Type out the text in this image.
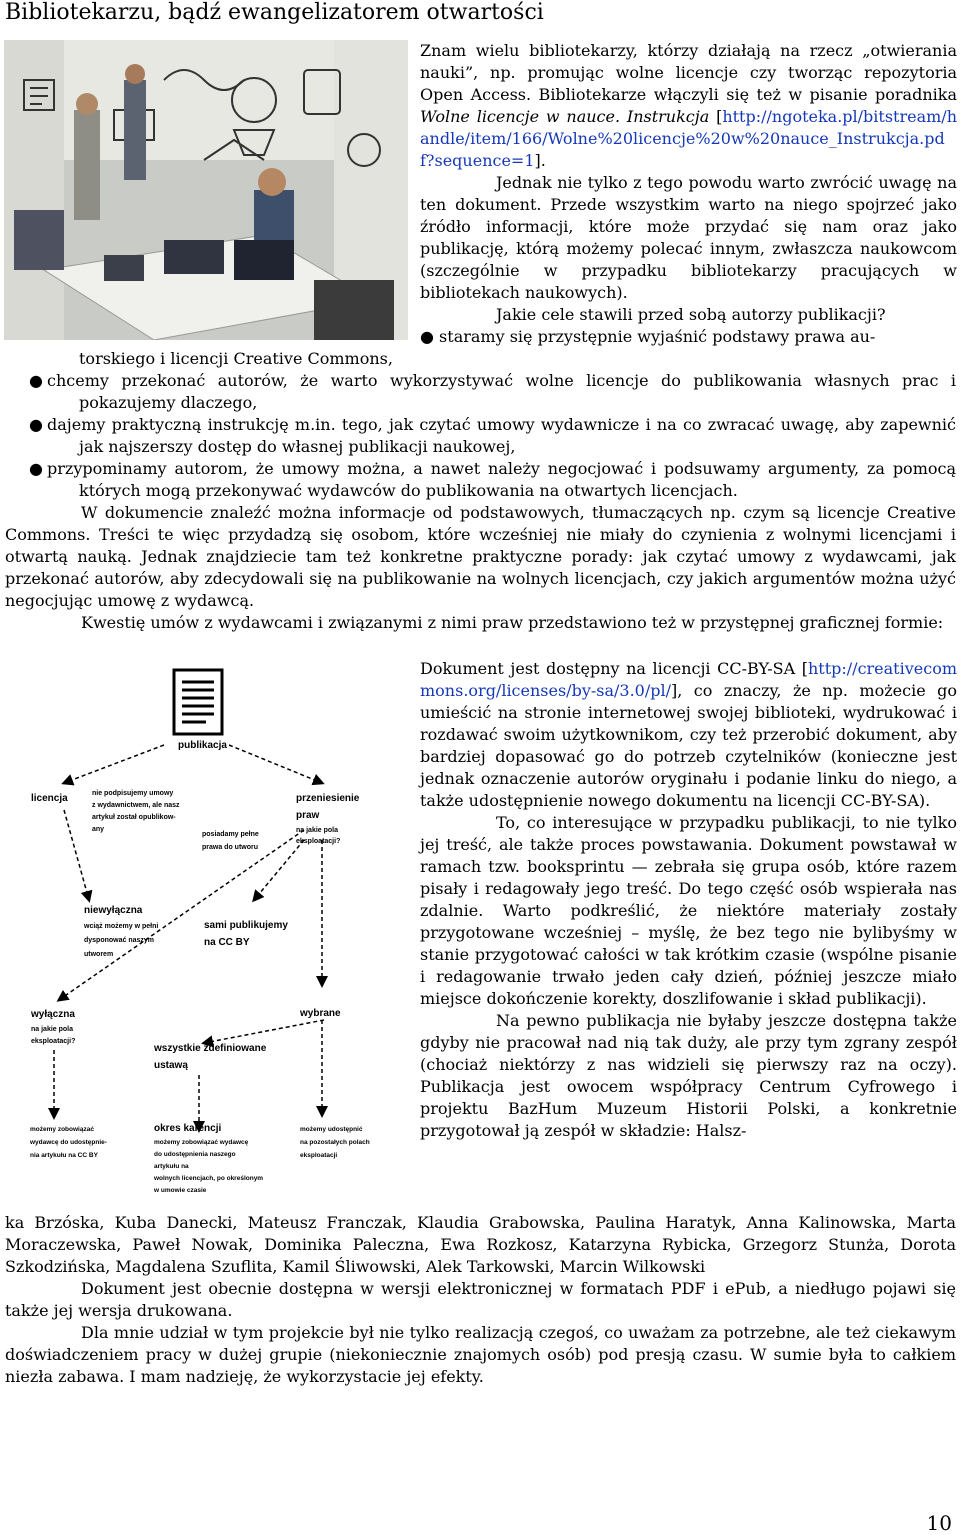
Bibliotekarzu, bądź ewangelizatorem otwartości

Znam wielu bibliotekarzy, którzy działają na rzecz „otwierania nauki”, np. promując wolne licencje czy tworząc repozytoria Open Access. Bibliotekarze włączyli się też w pisanie poradnika Wolne licencje w nauce. Instrukcja [http://ngoteka.pl/bitstream/handle/item/166/Wolne%20licencje%20w%20nauce_Instrukcja.pdf?sequence=1].

Jednak nie tylko z tego powodu warto zwrócić uwagę na ten dokument. Przede wszystkim warto na niego spojrzeć jako źródło informacji, które może przydać się nam oraz jako publikację, którą możemy polecać innym, zwłaszcza naukowcom (szczególnie w przypadku bibliotekarzy pracujących w bibliotekach naukowych).

Jakie cele stawili przed sobą autorzy publikacji?

● staramy się przystępnie wyjaśnić podstawy prawa au-

torskiego i licencji Creative Commons,

● chcemy przekonać autorów, że warto wykorzystywać wolne licencje do publikowania własnych prac i pokazujemy dlaczego,

● dajemy praktyczną instrukcję m.in. tego, jak czytać umowy wydawnicze i na co zwracać uwagę, aby zapewnić jak najszerszy dostęp do własnej publikacji naukowej,

● przypominamy autorom, że umowy można, a nawet należy negocjować i podsuwamy argumenty, za pomocą których mogą przekonywać wydawców do publikowania na otwartych licencjach.

W dokumencie znaleźć można informacje od podstawowych, tłumaczących np. czym są licencje Creative Commons. Treści te więc przydadzą się osobom, które wcześniej nie miały do czynienia z wolnymi licencjami i otwartą nauką. Jednak znajdziecie tam też konkretne praktyczne porady: jak czytać umowy z wydawcami, jak przekonać autorów, aby zdecydowali się na publikowanie na wolnych licencjach, czy jakich argumentów można użyć negocjując umowę z wydawcą.

Kwestię umów z wydawcami i związanymi z nimi praw przedstawiono też w przystępnej graficznej formie:

publikacja
licencja	nie podpisujemy umowy
z wydawnictwem, ale nasz
artykuł został opublikow-
any
przeniesienie
praw
na jakie pola
eksploatacji?
posiadamy pełne
prawa do utworu
niewyłączna
wciąż możemy w pełni
dysponować naszym
utworem
sami publikujemy
na CC BY
wyłączna
na jakie pola
eksploatacji?
wybrane
wszystkie zdefiniowane
ustawą
możemy zobowiązać
wydawcę do udostępnie-
nia artykułu na CC BY
okres karencji
możemy zobowiązać wydawcę
do udostępnienia naszego
artykułu na
wolnych licencjach, po określonym
w umowie czasie
możemy udostępnić
na pozostałych polach
eksploatacji

Dokument jest dostępny na licencji CC-BY-SA [http://creativecommons.org/licenses/by-sa/3.0/pl/], co znaczy, że np. możecie go umieścić na stronie internetowej swojej biblioteki, wydrukować i rozdawać swoim użytkownikom, czy też przerobić dokument, aby bardziej dopasować go do potrzeb czytelników (konieczne jest jednak oznaczenie autorów oryginału i podanie linku do niego, a także udostępnienie nowego dokumentu na licencji CC-BY-SA).

To, co interesujące w przypadku publikacji, to nie tylko jej treść, ale także proces powstawania. Dokument powstawał w ramach tzw. booksprintu — zebrała się grupa osób, które razem pisały i redagowały jego treść. Do tego część osób wspierała nas zdalnie. Warto podkreślić, że niektóre materiały zostały przygotowane wcześniej – myślę, że bez tego nie bylibyśmy w stanie przygotować całości w tak krótkim czasie (wspólne pisanie i redagowanie trwało jeden cały dzień, później jeszcze miało miejsce dokończenie korekty, doszlifowanie i skład publikacji).

Na pewno publikacja nie byłaby jeszcze dostępna także gdyby nie pracował nad nią tak duży, ale przy tym zgrany zespół (chociaż niektórzy z nas widzieli się pierwszy raz na oczy). Publikacja jest owocem współpracy Centrum Cyfrowego i projektu BazHum Muzeum Historii Polski, a konkretnie przygotował ją zespół w składzie: Halsz-

ka Brzóska, Kuba Danecki, Mateusz Franczak, Klaudia Grabowska, Paulina Haratyk, Anna Kalinowska, Marta Moraczewska, Paweł Nowak, Dominika Paleczna, Ewa Rozkosz, Katarzyna Rybicka, Grzegorz Stunża, Dorota Szkodzińska, Magdalena Szuflita, Kamil Śliwowski, Alek Tarkowski, Marcin Wilkowski

Dokument jest obecnie dostępna w wersji elektronicznej w formatach PDF i ePub, a niedługo pojawi się także jej wersja drukowana.

Dla mnie udział w tym projekcie był nie tylko realizacją czegoś, co uważam za potrzebne, ale też ciekawym doświadczeniem pracy w dużej grupie (niekoniecznie znajomych osób) pod presją czasu. W sumie była to całkiem niezła zabawa. I mam nadzieję, że wykorzystacie jej efekty.

10
